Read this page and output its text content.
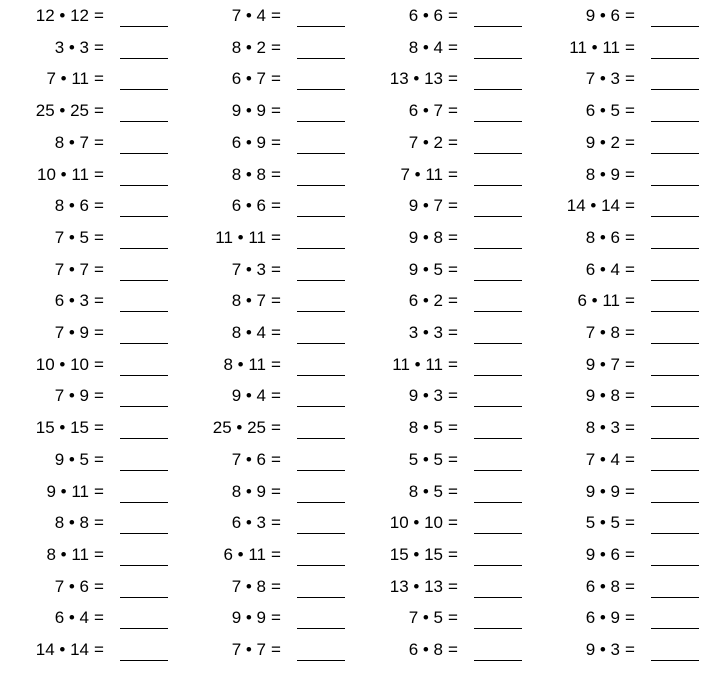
12 • 12 =
3 • 3 =
7 • 11 =
25 • 25 =
8 • 7 =
10 • 11 =
8 • 6 =
7 • 5 =
7 • 7 =
6 • 3 =
7 • 9 =
10 • 10 =
7 • 9 =
15 • 15 =
9 • 5 =
9 • 11 =
8 • 8 =
8 • 11 =
7 • 6 =
6 • 4 =
14 • 14 =
7 • 4 =
8 • 2 =
6 • 7 =
9 • 9 =
6 • 9 =
8 • 8 =
6 • 6 =
11 • 11 =
7 • 3 =
8 • 7 =
8 • 4 =
8 • 11 =
9 • 4 =
25 • 25 =
7 • 6 =
8 • 9 =
6 • 3 =
6 • 11 =
7 • 8 =
9 • 9 =
7 • 7 =
6 • 6 =
8 • 4 =
13 • 13 =
6 • 7 =
7 • 2 =
7 • 11 =
9 • 7 =
9 • 8 =
9 • 5 =
6 • 2 =
3 • 3 =
11 • 11 =
9 • 3 =
8 • 5 =
5 • 5 =
8 • 5 =
10 • 10 =
15 • 15 =
13 • 13 =
7 • 5 =
6 • 8 =
9 • 6 =
11 • 11 =
7 • 3 =
6 • 5 =
9 • 2 =
8 • 9 =
14 • 14 =
8 • 6 =
6 • 4 =
6 • 11 =
7 • 8 =
9 • 7 =
9 • 8 =
8 • 3 =
7 • 4 =
9 • 9 =
5 • 5 =
9 • 6 =
6 • 8 =
6 • 9 =
9 • 3 =
